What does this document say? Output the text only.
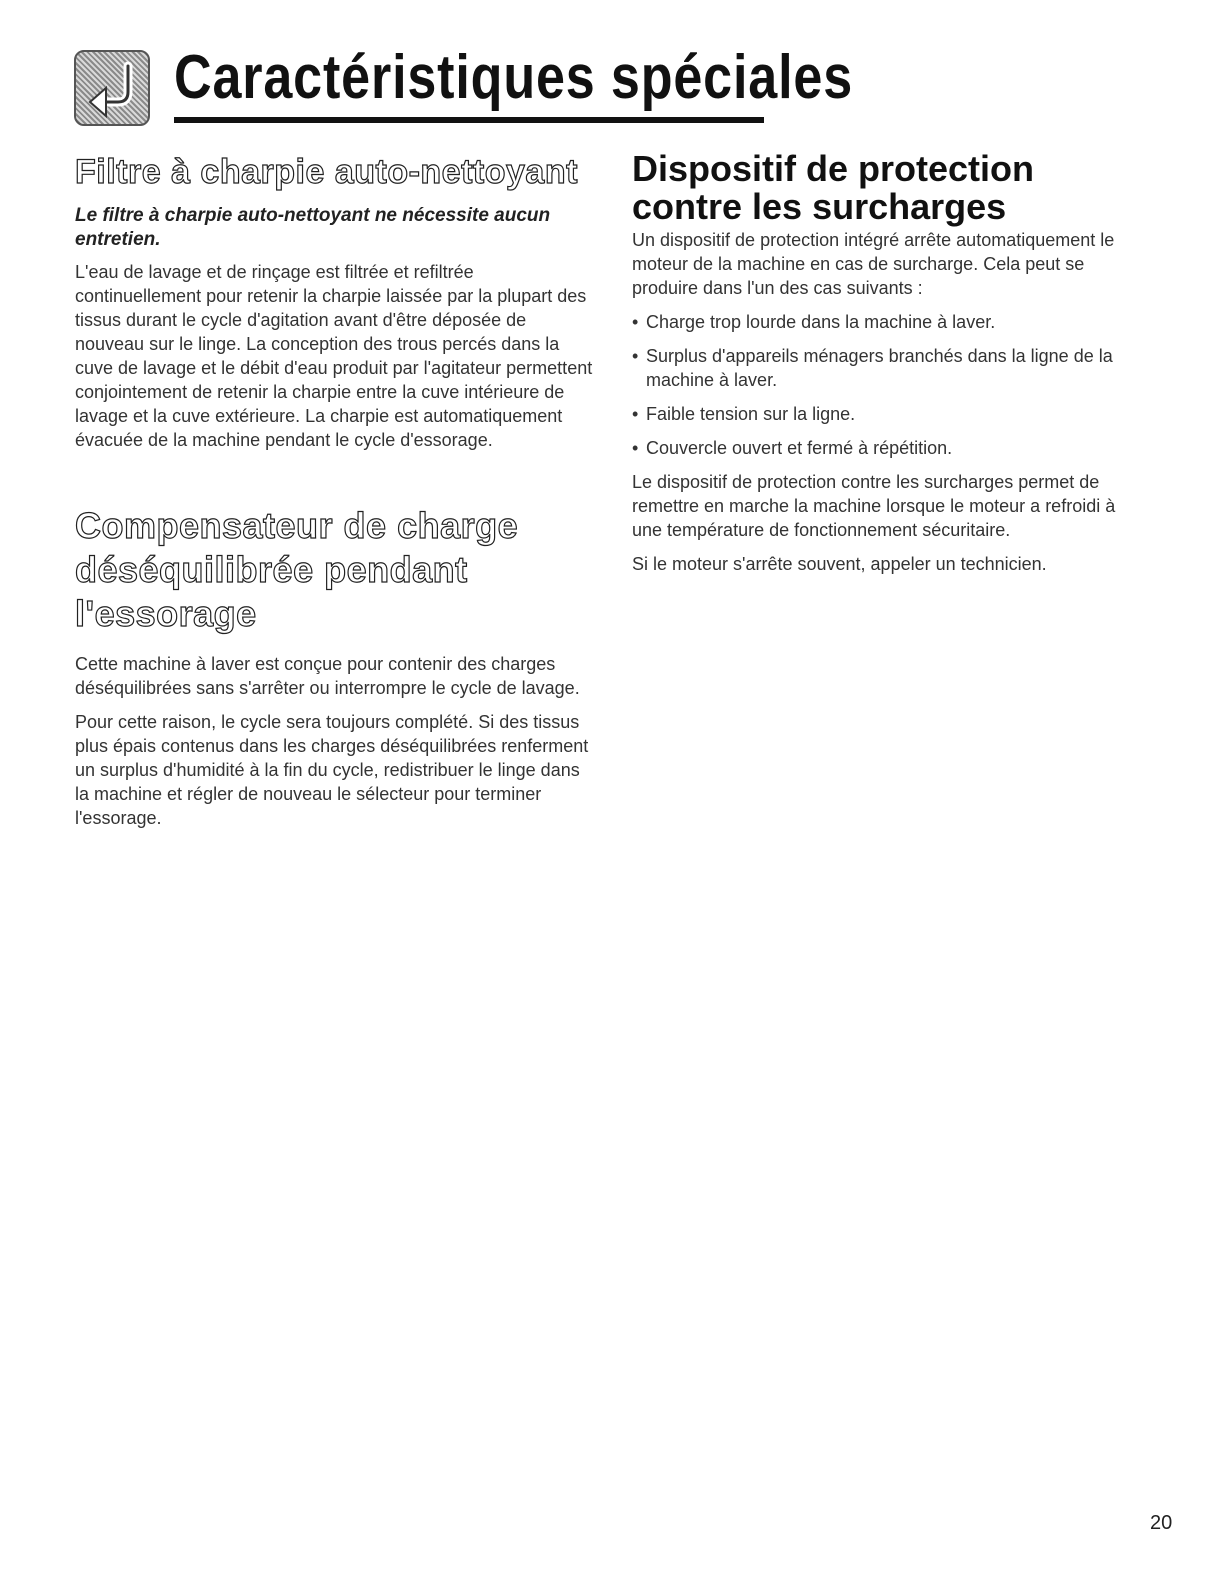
Caractéristiques spéciales
Filtre à charpie auto-nettoyant

Le filtre à charpie auto-nettoyant ne nécessite aucun entretien.

L'eau de lavage et de rinçage est filtrée et refiltrée continuellement pour retenir la charpie laissée par la plupart des tissus durant le cycle d'agitation avant d'être déposée de nouveau sur le linge. La conception des trous percés dans la cuve de lavage et le débit d'eau produit par l'agitateur permettent conjointement de retenir la charpie entre la cuve intérieure de lavage et la cuve extérieure. La charpie est automatiquement évacuée de la machine pendant le cycle d'essorage.

Compensateur de charge déséquilibrée pendant l'essorage

Cette machine à laver est conçue pour contenir des charges déséquilibrées sans s'arrêter ou interrompre le cycle de lavage.

Pour cette raison, le cycle sera toujours complété. Si des tissus plus épais contenus dans les charges déséquilibrées renferment un surplus d'humidité à la fin du cycle, redistribuer le linge dans la machine et régler de nouveau le sélecteur pour terminer l'essorage.

Dispositif de protection contre les surcharges

Un dispositif de protection intégré arrête automatiquement le moteur de la machine en cas de surcharge. Cela peut se produire dans l'un des cas suivants :

• Charge trop lourde dans la machine à laver.
• Surplus d'appareils ménagers branchés dans la ligne de la machine à laver.
• Faible tension sur la ligne.
• Couvercle ouvert et fermé à répétition.

Le dispositif de protection contre les surcharges permet de remettre en marche la machine lorsque le moteur a refroidi à une température de fonctionnement sécuritaire.

Si le moteur s'arrête souvent, appeler un technicien.

20
